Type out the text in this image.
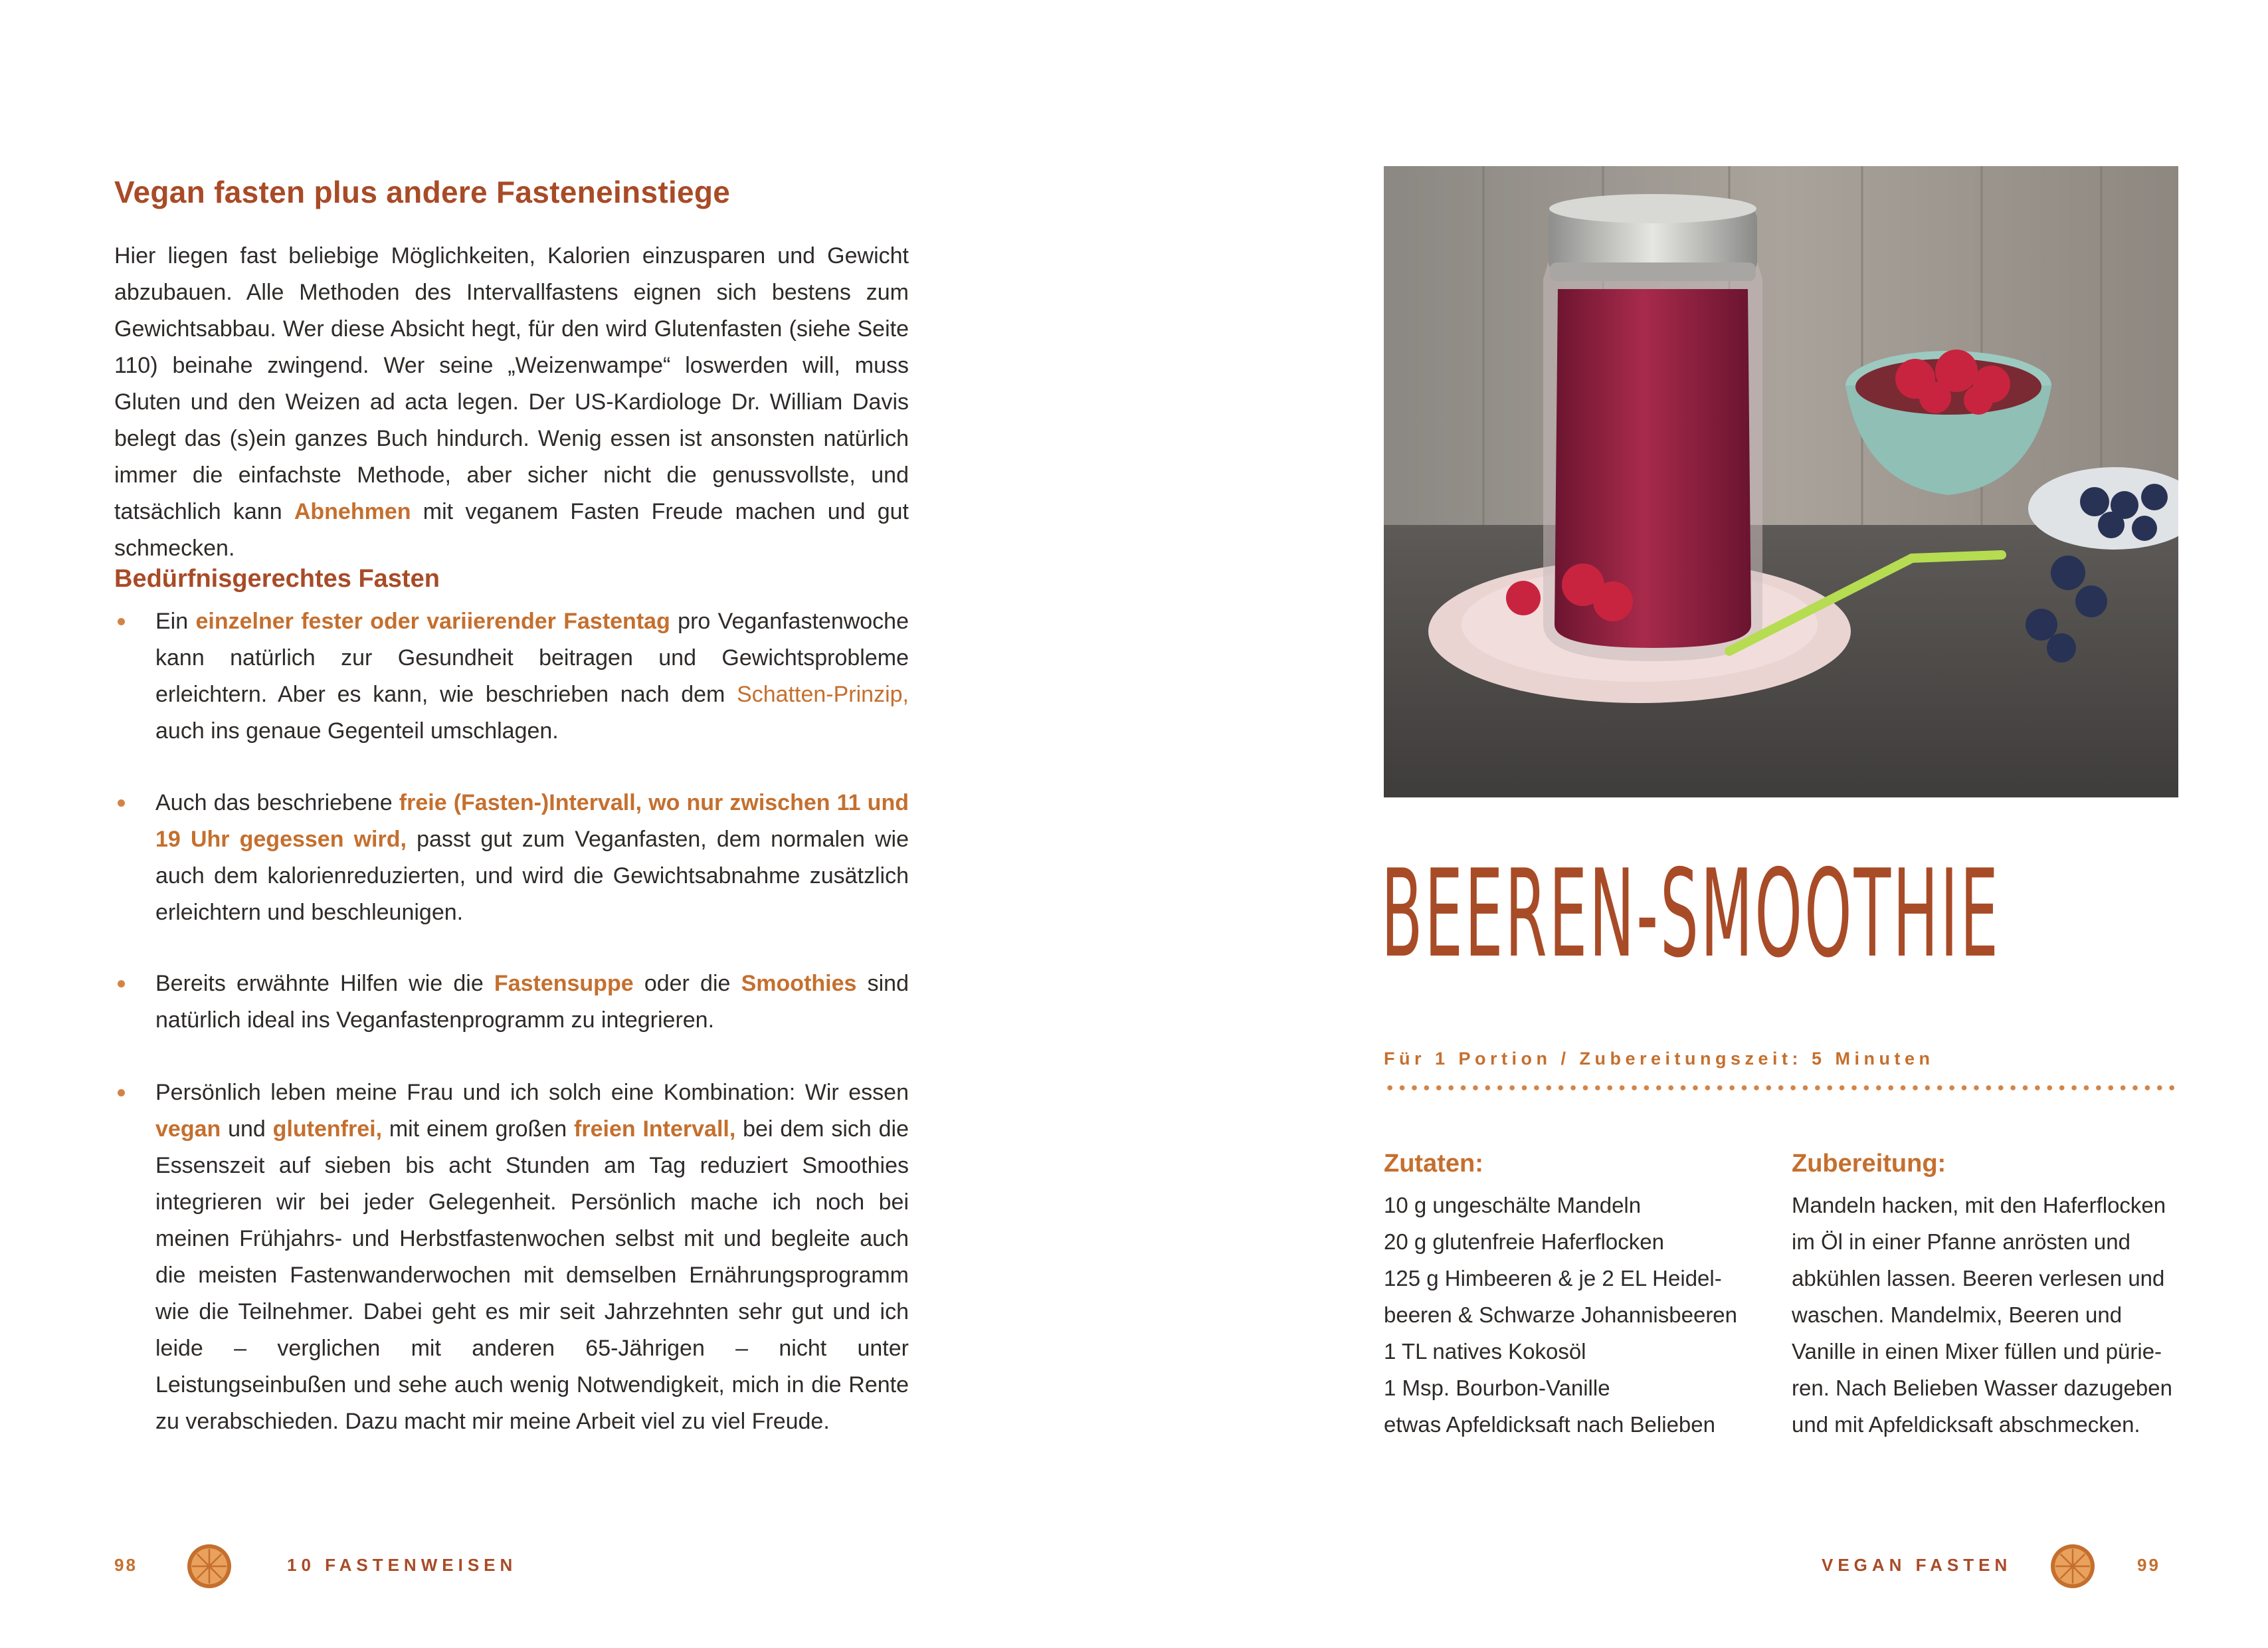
Vegan fasten plus andere Fasteneinstiege

Hier liegen fast beliebige Möglichkeiten, Kalorien einzusparen und Gewicht abzubauen. Alle Methoden des Intervallfastens eignen sich bestens zum Gewichtsabbau. Wer diese Absicht hegt, für den wird Glutenfasten (siehe Seite 110) beinahe zwingend. Wer seine „Weizenwampe“ loswerden will, muss Gluten und den Weizen ad acta legen. Der US-Kardiologe Dr. William Davis belegt das (s)ein ganzes Buch hindurch. Wenig essen ist ansonsten natürlich immer die einfachste Methode, aber sicher nicht die genussvollste, und tatsächlich kann Abnehmen mit veganem Fasten Freude machen und gut schmecken.

Bedürfnisgerechtes Fasten
Ein einzelner fester oder variierender Fastentag pro Veganfastenwoche kann natürlich zur Gesundheit beitragen und Gewichtsprobleme erleichtern. Aber es kann, wie beschrieben nach dem Schatten-Prinzip, auch ins genaue Gegenteil umschlagen.
Auch das beschriebene freie (Fasten-)Intervall, wo nur zwischen 11 und 19 Uhr gegessen wird, passt gut zum Veganfasten, dem normalen wie auch dem kalorienreduzierten, und wird die Gewichtsabnahme zusätzlich erleichtern und beschleunigen.
Bereits erwähnte Hilfen wie die Fastensuppe oder die Smoothies sind natürlich ideal ins Veganfastenprogramm zu integrieren.
Persönlich leben meine Frau und ich solch eine Kombination: Wir essen vegan und glutenfrei, mit einem großen freien Intervall, bei dem sich die Essenszeit auf sieben bis acht Stunden am Tag reduziert Smoothies integrieren wir bei jeder Gelegenheit. Persönlich mache ich noch bei meinen Frühjahrs- und Herbstfastenwochen selbst mit und begleite auch die meisten Fastenwanderwochen mit demselben Ernährungsprogramm wie die Teilnehmer. Dabei geht es mir seit Jahrzehnten sehr gut und ich leide – verglichen mit anderen 65-Jährigen – nicht unter Leistungseinbußen und sehe auch wenig Notwendigkeit, mich in die Rente zu verabschieden. Dazu macht mir meine Arbeit viel zu viel Freude.
98	10 FASTENWEISEN
BEEREN-SMOOTHIE

Für 1 Portion / Zubereitungszeit: 5 Minuten

Zutaten:
10 g ungeschälte Mandeln
20 g glutenfreie Haferflocken
125 g Himbeeren & je 2 EL Heidel-
beeren & Schwarze Johannisbeeren
1 TL natives Kokosöl
1 Msp. Bourbon-Vanille
etwas Apfeldicksaft nach Belieben
Zubereitung:
Mandeln hacken, mit den Haferflocken
im Öl in einer Pfanne anrösten und
abkühlen lassen. Beeren verlesen und
waschen. Mandelmix, Beeren und
Vanille in einen Mixer füllen und pürie-
ren. Nach Belieben Wasser dazugeben
und mit Apfeldicksaft abschmecken.
VEGAN FASTEN	99
